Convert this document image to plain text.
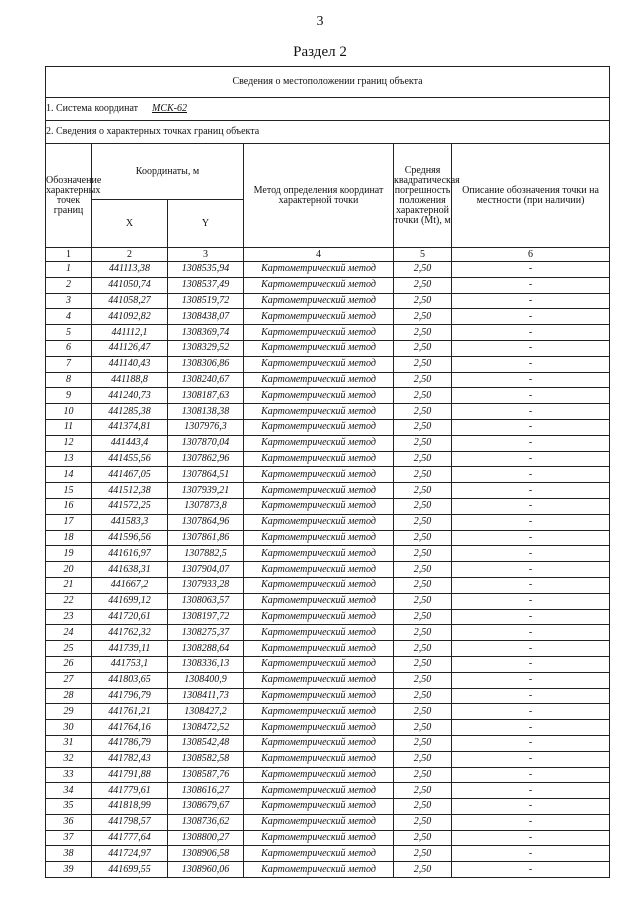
3
Раздел 2
Сведения о местоположении границ объекта					
1. Система координат МСК-62					
2. Сведения о характерных точках границ объекта					
Обозначение характерных точек границ	Координаты, м		Метод определения координат характерной точки	Средняя квадратическая погрешность положения характерной точки (Mt), м	Описание обозначения точки на местности (при наличии)
	X	Y			
1	2	3	4	5	6
1	441113,38	1308535,94	Картометрический метод	2,50	-
2	441050,74	1308537,49	Картометрический метод	2,50	-
3	441058,27	1308519,72	Картометрический метод	2,50	-
4	441092,82	1308438,07	Картометрический метод	2,50	-
5	441112,1	1308369,74	Картометрический метод	2,50	-
6	441126,47	1308329,52	Картометрический метод	2,50	-
7	441140,43	1308306,86	Картометрический метод	2,50	-
8	441188,8	1308240,67	Картометрический метод	2,50	-
9	441240,73	1308187,63	Картометрический метод	2,50	-
10	441285,38	1308138,38	Картометрический метод	2,50	-
11	441374,81	1307976,3	Картометрический метод	2,50	-
12	441443,4	1307870,04	Картометрический метод	2,50	-
13	441455,56	1307862,96	Картометрический метод	2,50	-
14	441467,05	1307864,51	Картометрический метод	2,50	-
15	441512,38	1307939,21	Картометрический метод	2,50	-
16	441572,25	1307873,8	Картометрический метод	2,50	-
17	441583,3	1307864,96	Картометрический метод	2,50	-
18	441596,56	1307861,86	Картометрический метод	2,50	-
19	441616,97	1307882,5	Картометрический метод	2,50	-
20	441638,31	1307904,07	Картометрический метод	2,50	-
21	441667,2	1307933,28	Картометрический метод	2,50	-
22	441699,12	1308063,57	Картометрический метод	2,50	-
23	441720,61	1308197,72	Картометрический метод	2,50	-
24	441762,32	1308275,37	Картометрический метод	2,50	-
25	441739,11	1308288,64	Картометрический метод	2,50	-
26	441753,1	1308336,13	Картометрический метод	2,50	-
27	441803,65	1308400,9	Картометрический метод	2,50	-
28	441796,79	1308411,73	Картометрический метод	2,50	-
29	441761,21	1308427,2	Картометрический метод	2,50	-
30	441764,16	1308472,52	Картометрический метод	2,50	-
31	441786,79	1308542,48	Картометрический метод	2,50	-
32	441782,43	1308582,58	Картометрический метод	2,50	-
33	441791,88	1308587,76	Картометрический метод	2,50	-
34	441779,61	1308616,27	Картометрический метод	2,50	-
35	441818,99	1308679,67	Картометрический метод	2,50	-
36	441798,57	1308736,62	Картометрический метод	2,50	-
37	441777,64	1308800,27	Картометрический метод	2,50	-
38	441724,97	1308906,58	Картометрический метод	2,50	-
39	441699,55	1308960,06	Картометрический метод	2,50	-
